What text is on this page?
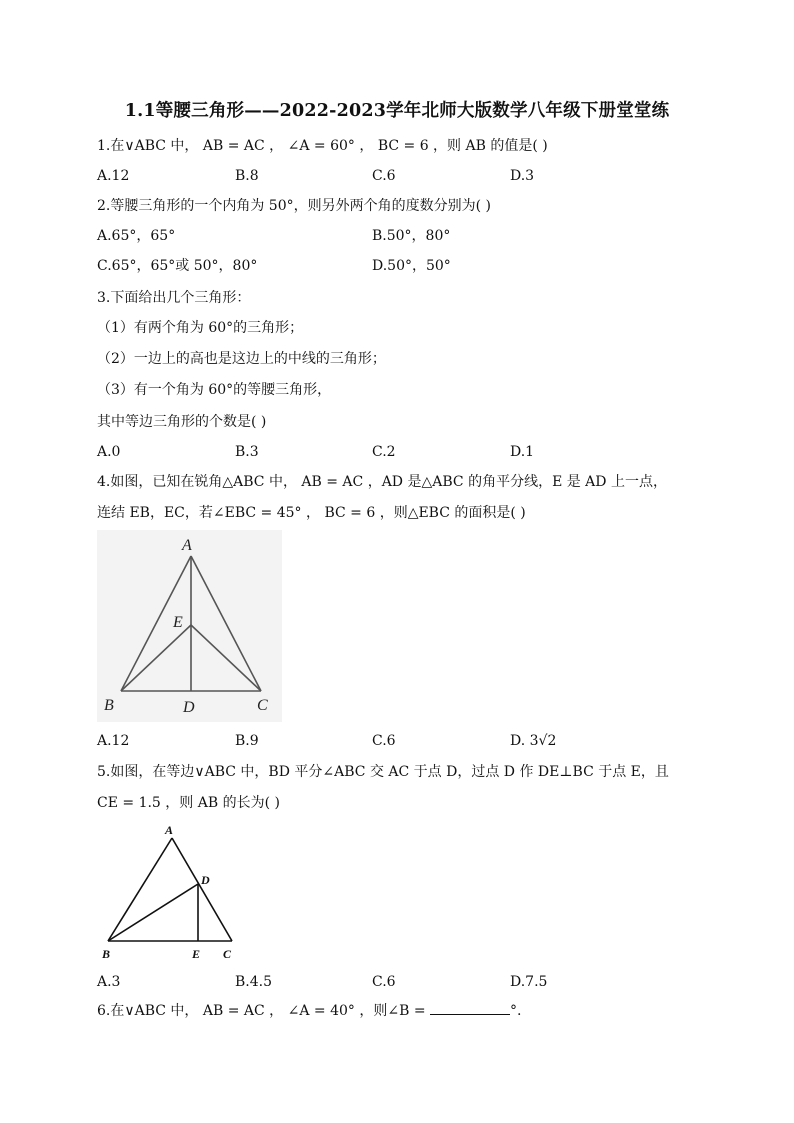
1.1等腰三角形——2022-2023学年北师大版数学八年级下册堂堂练
1.在∨ABC 中， AB = AC ， ∠A = 60° ， BC = 6 ，则 AB 的值是( )
A.12	B.8	C.6	D.3
2.等腰三角形的一个内角为 50°，则另外两个角的度数分别为( )
A.65°，65°	B.50°，80°
C.65°，65°或 50°，80°	D.50°，50°
3.下面给出几个三角形：
（1）有两个角为 60°的三角形；
（2）一边上的高也是这边上的中线的三角形；
（3）有一个角为 60°的等腰三角形，
其中等边三角形的个数是( )
A.0	B.3	C.2	D.1
4.如图，已知在锐角△ABC 中， AB = AC ，AD 是△ABC 的角平分线，E 是 AD 上一点，
连结 EB，EC，若∠EBC = 45° ， BC = 6 ，则△EBC 的面积是( )
A
E
B	D	C
A.12	B.9	C.6	D. 3√2
5.如图，在等边∨ABC 中，BD 平分∠ABC 交 AC 于点 D，过点 D 作 DE⊥BC 于点 E，且
CE = 1.5 ，则 AB 的长为( )
A
D
B	E C
A.3	B.4.5	C.6	D.7.5
6.在∨ABC 中， AB = AC ， ∠A = 40° ，则∠B =	°.
